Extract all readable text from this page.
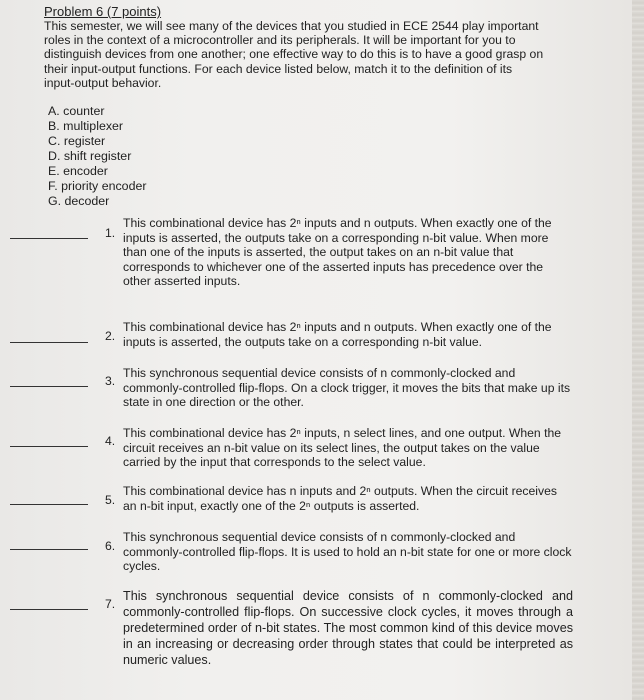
Problem 6 (7 points)
This semester, we will see many of the devices that you studied in ECE 2544 play important roles in the context of a microcontroller and its peripherals. It will be important for you to distinguish devices from one another; one effective way to do this is to have a good grasp on their input-output functions. For each device listed below, match it to the definition of its input-output behavior.
A. counter
B. multiplexer
C. register
D. shift register
E. encoder
F. priority encoder
G. decoder
1.
This combinational device has 2ⁿ inputs and n outputs. When exactly one of the inputs is asserted, the outputs take on a corresponding n-bit value. When more than one of the inputs is asserted, the output takes on an n-bit value that corresponds to whichever one of the asserted inputs has precedence over the other asserted inputs.
2.
This combinational device has 2ⁿ inputs and n outputs. When exactly one of the inputs is asserted, the outputs take on a corresponding n-bit value.
3.
This synchronous sequential device consists of n commonly-clocked and commonly-controlled flip-flops. On a clock trigger, it moves the bits that make up its state in one direction or the other.
4.
This combinational device has 2ⁿ inputs, n select lines, and one output. When the circuit receives an n-bit value on its select lines, the output takes on the value carried by the input that corresponds to the select value.
5.
This combinational device has n inputs and 2ⁿ outputs. When the circuit receives an n-bit input, exactly one of the 2ⁿ outputs is asserted.
6.
This synchronous sequential device consists of n commonly-clocked and commonly-controlled flip-flops. It is used to hold an n-bit state for one or more clock cycles.
7.
This synchronous sequential device consists of n commonly-clocked and commonly-controlled flip-flops. On successive clock cycles, it moves through a predetermined order of n-bit states. The most common kind of this device moves in an increasing or decreasing order through states that could be interpreted as numeric values.
